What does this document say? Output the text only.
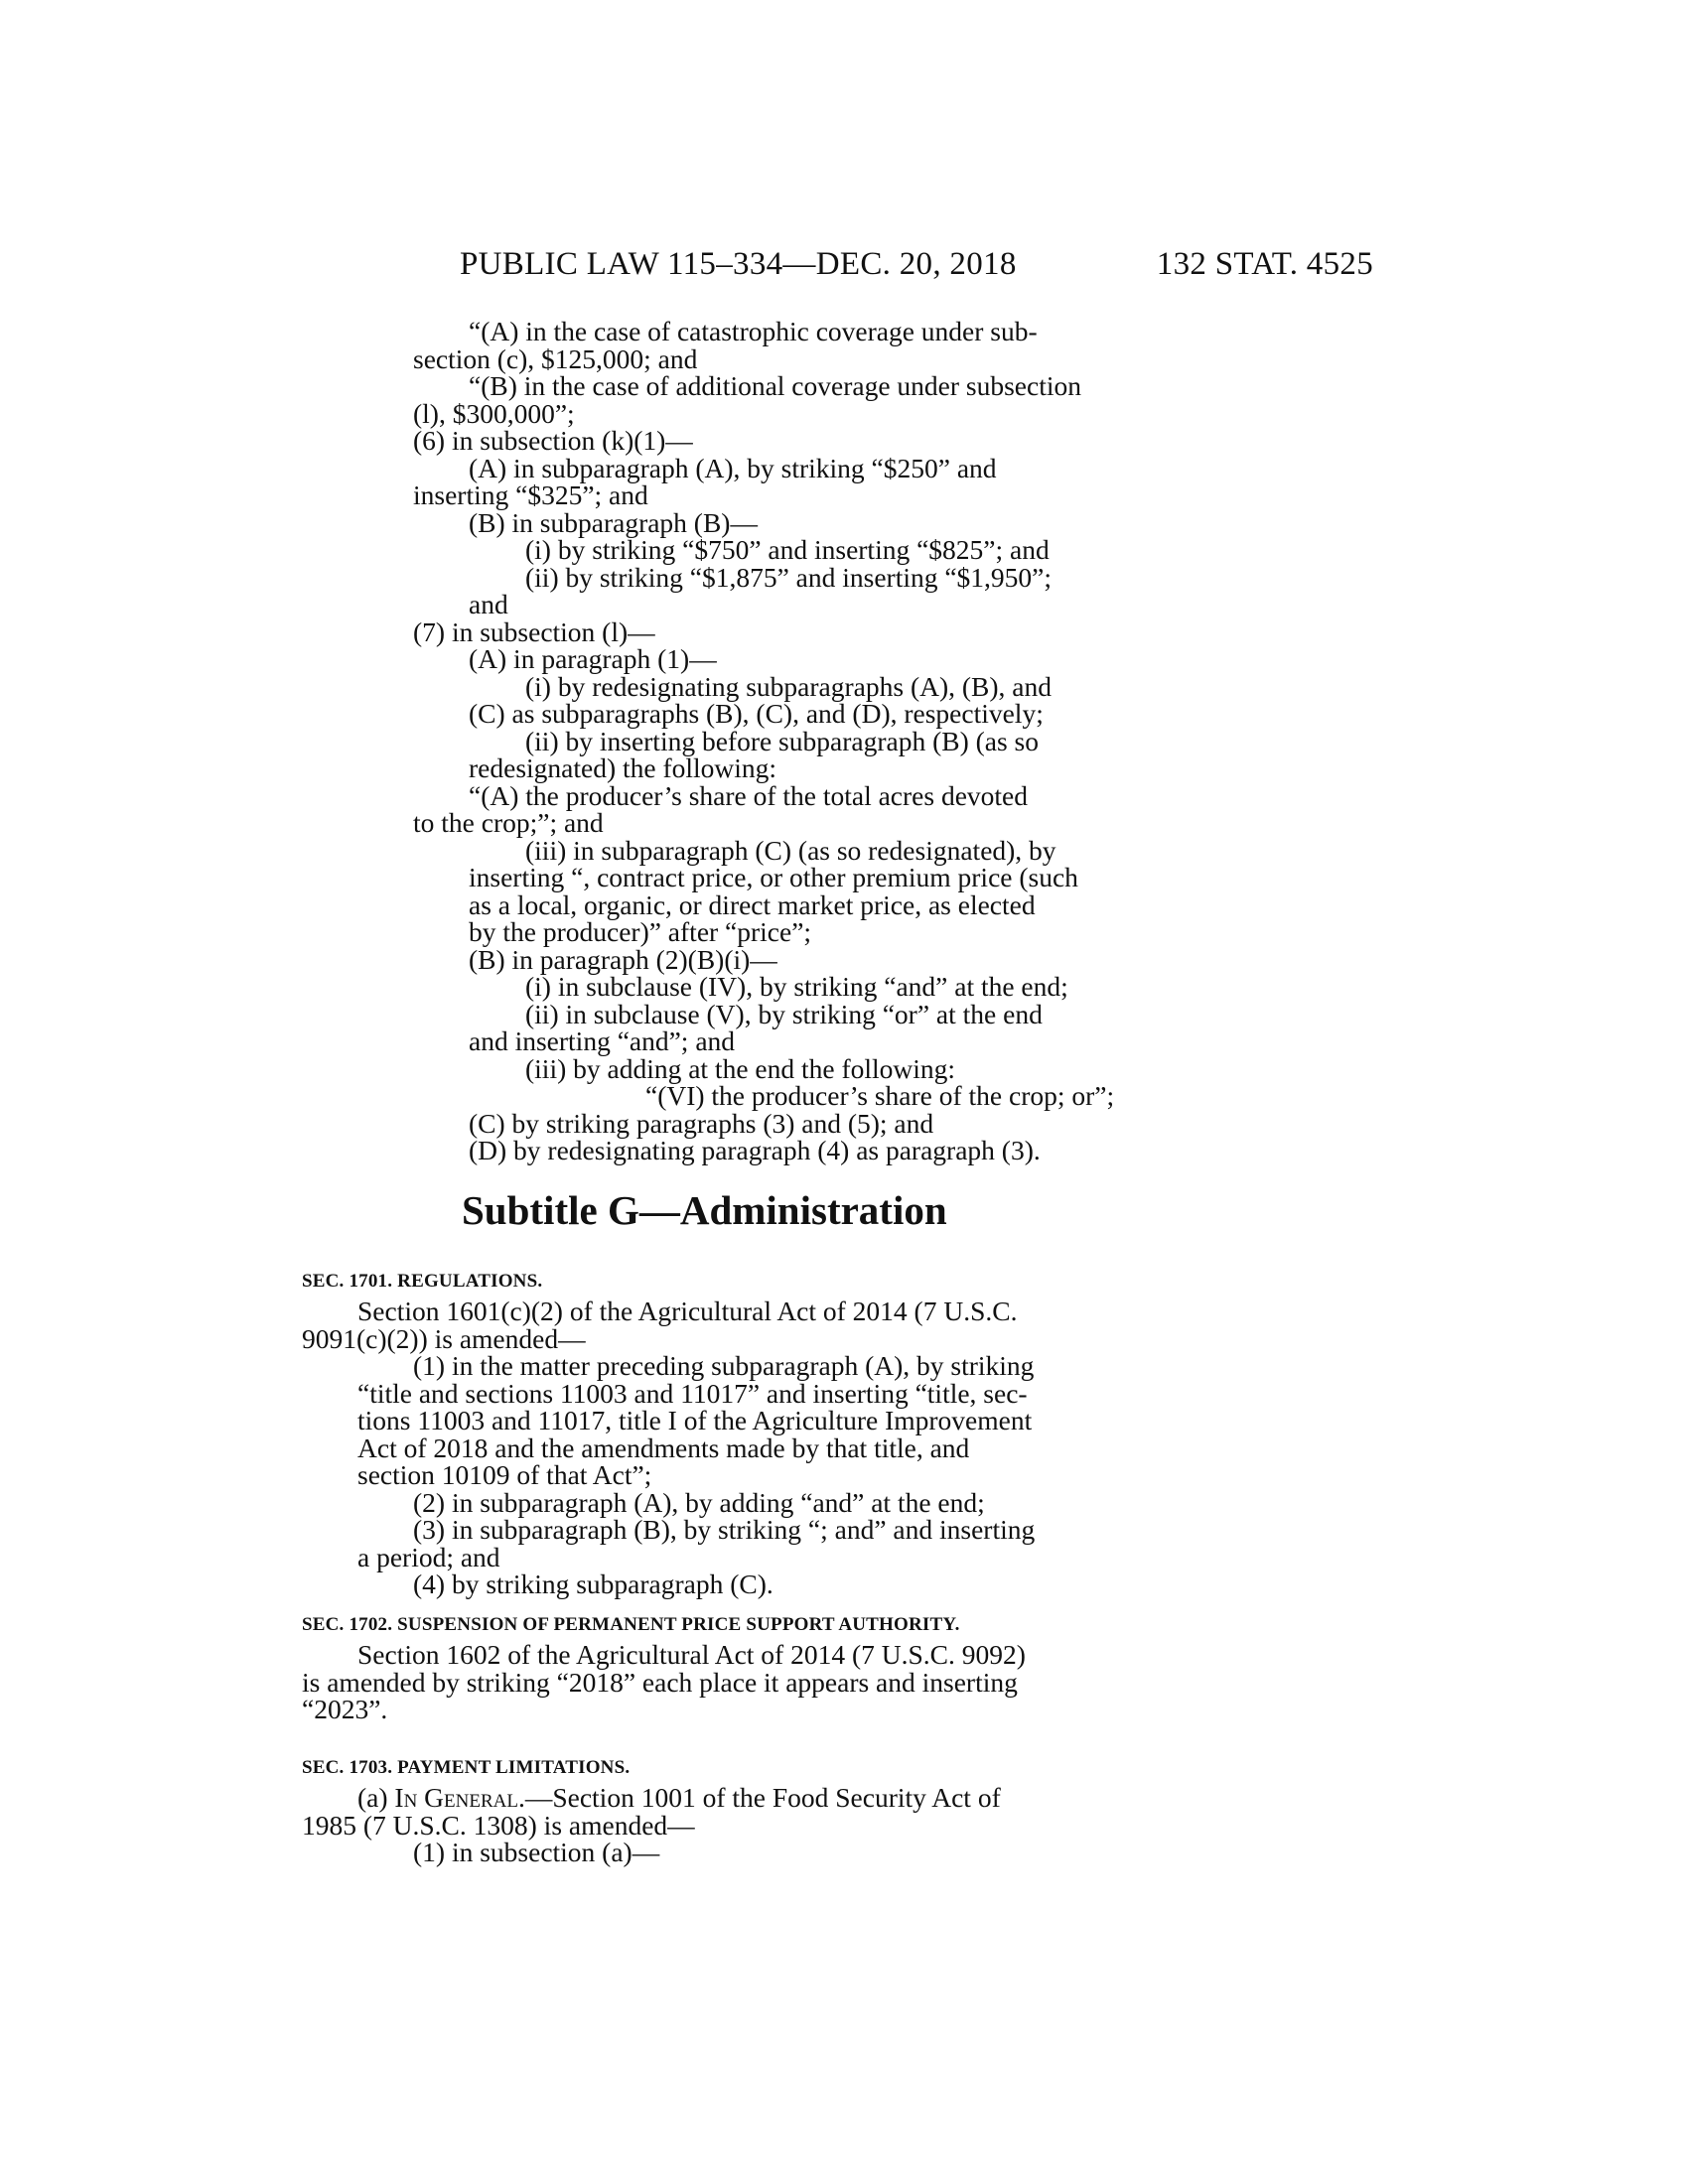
PUBLIC LAW 115–334—DEC. 20, 2018	132 STAT. 4525

“(A) in the case of catastrophic coverage under sub-

section (c), $125,000; and

“(B) in the case of additional coverage under subsection

(l), $300,000”;

(6) in subsection (k)(1)—

(A) in subparagraph (A), by striking “$250” and

inserting “$325”; and

(B) in subparagraph (B)—

(i) by striking “$750” and inserting “$825”; and

(ii) by striking “$1,875” and inserting “$1,950”;

and

(7) in subsection (l)—

(A) in paragraph (1)—

(i) by redesignating subparagraphs (A), (B), and

(C) as subparagraphs (B), (C), and (D), respectively;

(ii) by inserting before subparagraph (B) (as so

redesignated) the following:

“(A) the producer’s share of the total acres devoted

to the crop;”; and

(iii) in subparagraph (C) (as so redesignated), by

inserting “, contract price, or other premium price (such

as a local, organic, or direct market price, as elected

by the producer)” after “price”;

(B) in paragraph (2)(B)(i)—

(i) in subclause (IV), by striking “and” at the end;

(ii) in subclause (V), by striking “or” at the end

and inserting “and”; and

(iii) by adding at the end the following:

“(VI) the producer’s share of the crop; or”;

(C) by striking paragraphs (3) and (5); and

(D) by redesignating paragraph (4) as paragraph (3).

Subtitle G—Administration
SEC. 1701. REGULATIONS.

Section 1601(c)(2) of the Agricultural Act of 2014 (7 U.S.C.

9091(c)(2)) is amended—

(1) in the matter preceding subparagraph (A), by striking

“title and sections 11003 and 11017” and inserting “title, sec-

tions 11003 and 11017, title I of the Agriculture Improvement

Act of 2018 and the amendments made by that title, and

section 10109 of that Act”;

(2) in subparagraph (A), by adding “and” at the end;

(3) in subparagraph (B), by striking “; and” and inserting

a period; and

(4) by striking subparagraph (C).

SEC. 1702. SUSPENSION OF PERMANENT PRICE SUPPORT AUTHORITY.

Section 1602 of the Agricultural Act of 2014 (7 U.S.C. 9092)

is amended by striking “2018” each place it appears and inserting

“2023”.

SEC. 1703. PAYMENT LIMITATIONS.

(a) In General.—Section 1001 of the Food Security Act of

1985 (7 U.S.C. 1308) is amended—

(1) in subsection (a)—
